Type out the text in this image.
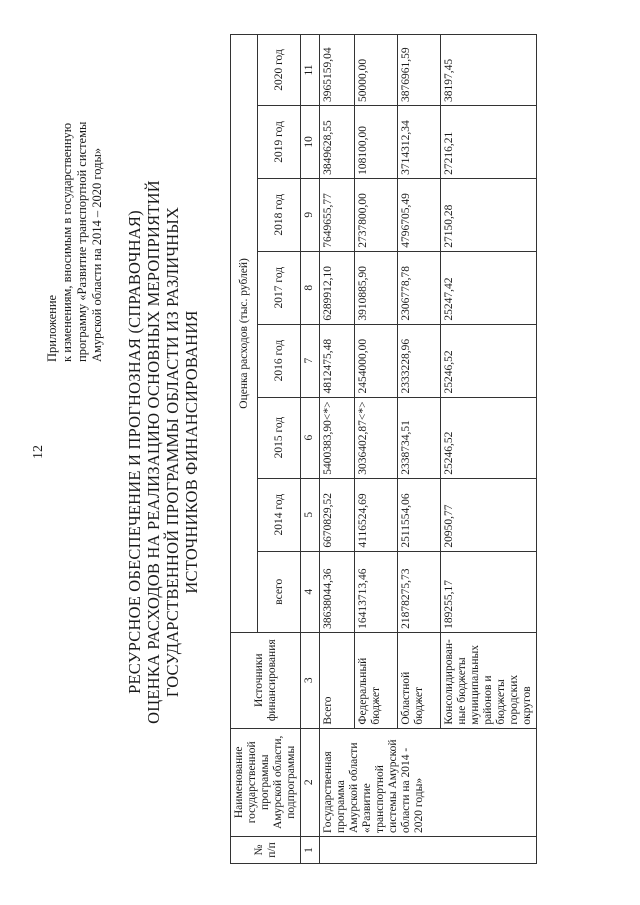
12
Приложение к изменениям, вносимым в государственную программу «Развитие транспортной системы Амурской области на 2014 – 2020 годы» РЕСУРСНОЕ ОБЕСПЕЧЕНИЕ И ПРОГНОЗНАЯ (СПРАВОЧНАЯ) ОЦЕНКА РАСХОДОВ НА РЕАЛИЗАЦИЮ ОСНОВНЫХ МЕРОПРИЯТИЙ ГОСУДАРСТВЕННОЙ ПРОГРАММЫ ОБЛАСТИ ИЗ РАЗЛИЧНЫХ ИСТОЧНИКОВ ФИНАНСИРОВАНИЯ
№ п/п	Наименование государственной программы Амурской области, подпрограммы	Источники финансирования	Оценка расходов (тыс. рублей)							
			всего	2014 год	2015 год	2016 год	2017 год	2018 год	2019 год	2020 год
1	2	3	4	5	6	7	8	9	10	11
	Государственная программа Амурской области «Развитие транспортной системы Амурской области на 2014 - 2020 годы»	Всего	38638044,36	6670829,52	5400383,90<*>	4812475,48	6289912,10	7649655,77	3849628,55	3965159,04
		Федеральный бюджет	16413713,46	4116524,69	3036402,87<*>	2454000,00	3910885,90	2737800,00	108100,00	50000,00
		Областной бюджет	21878275,73	2511554,06	2338734,51	2333228,96	2306778,78	4796705,49	3714312,34	3876961,59
		Консолидирован-ные бюджеты муниципальных районов и бюджеты городских округов	189255,17	20950,77	25246,52	25246,52	25247,42	27150,28	27216,21	38197,45
